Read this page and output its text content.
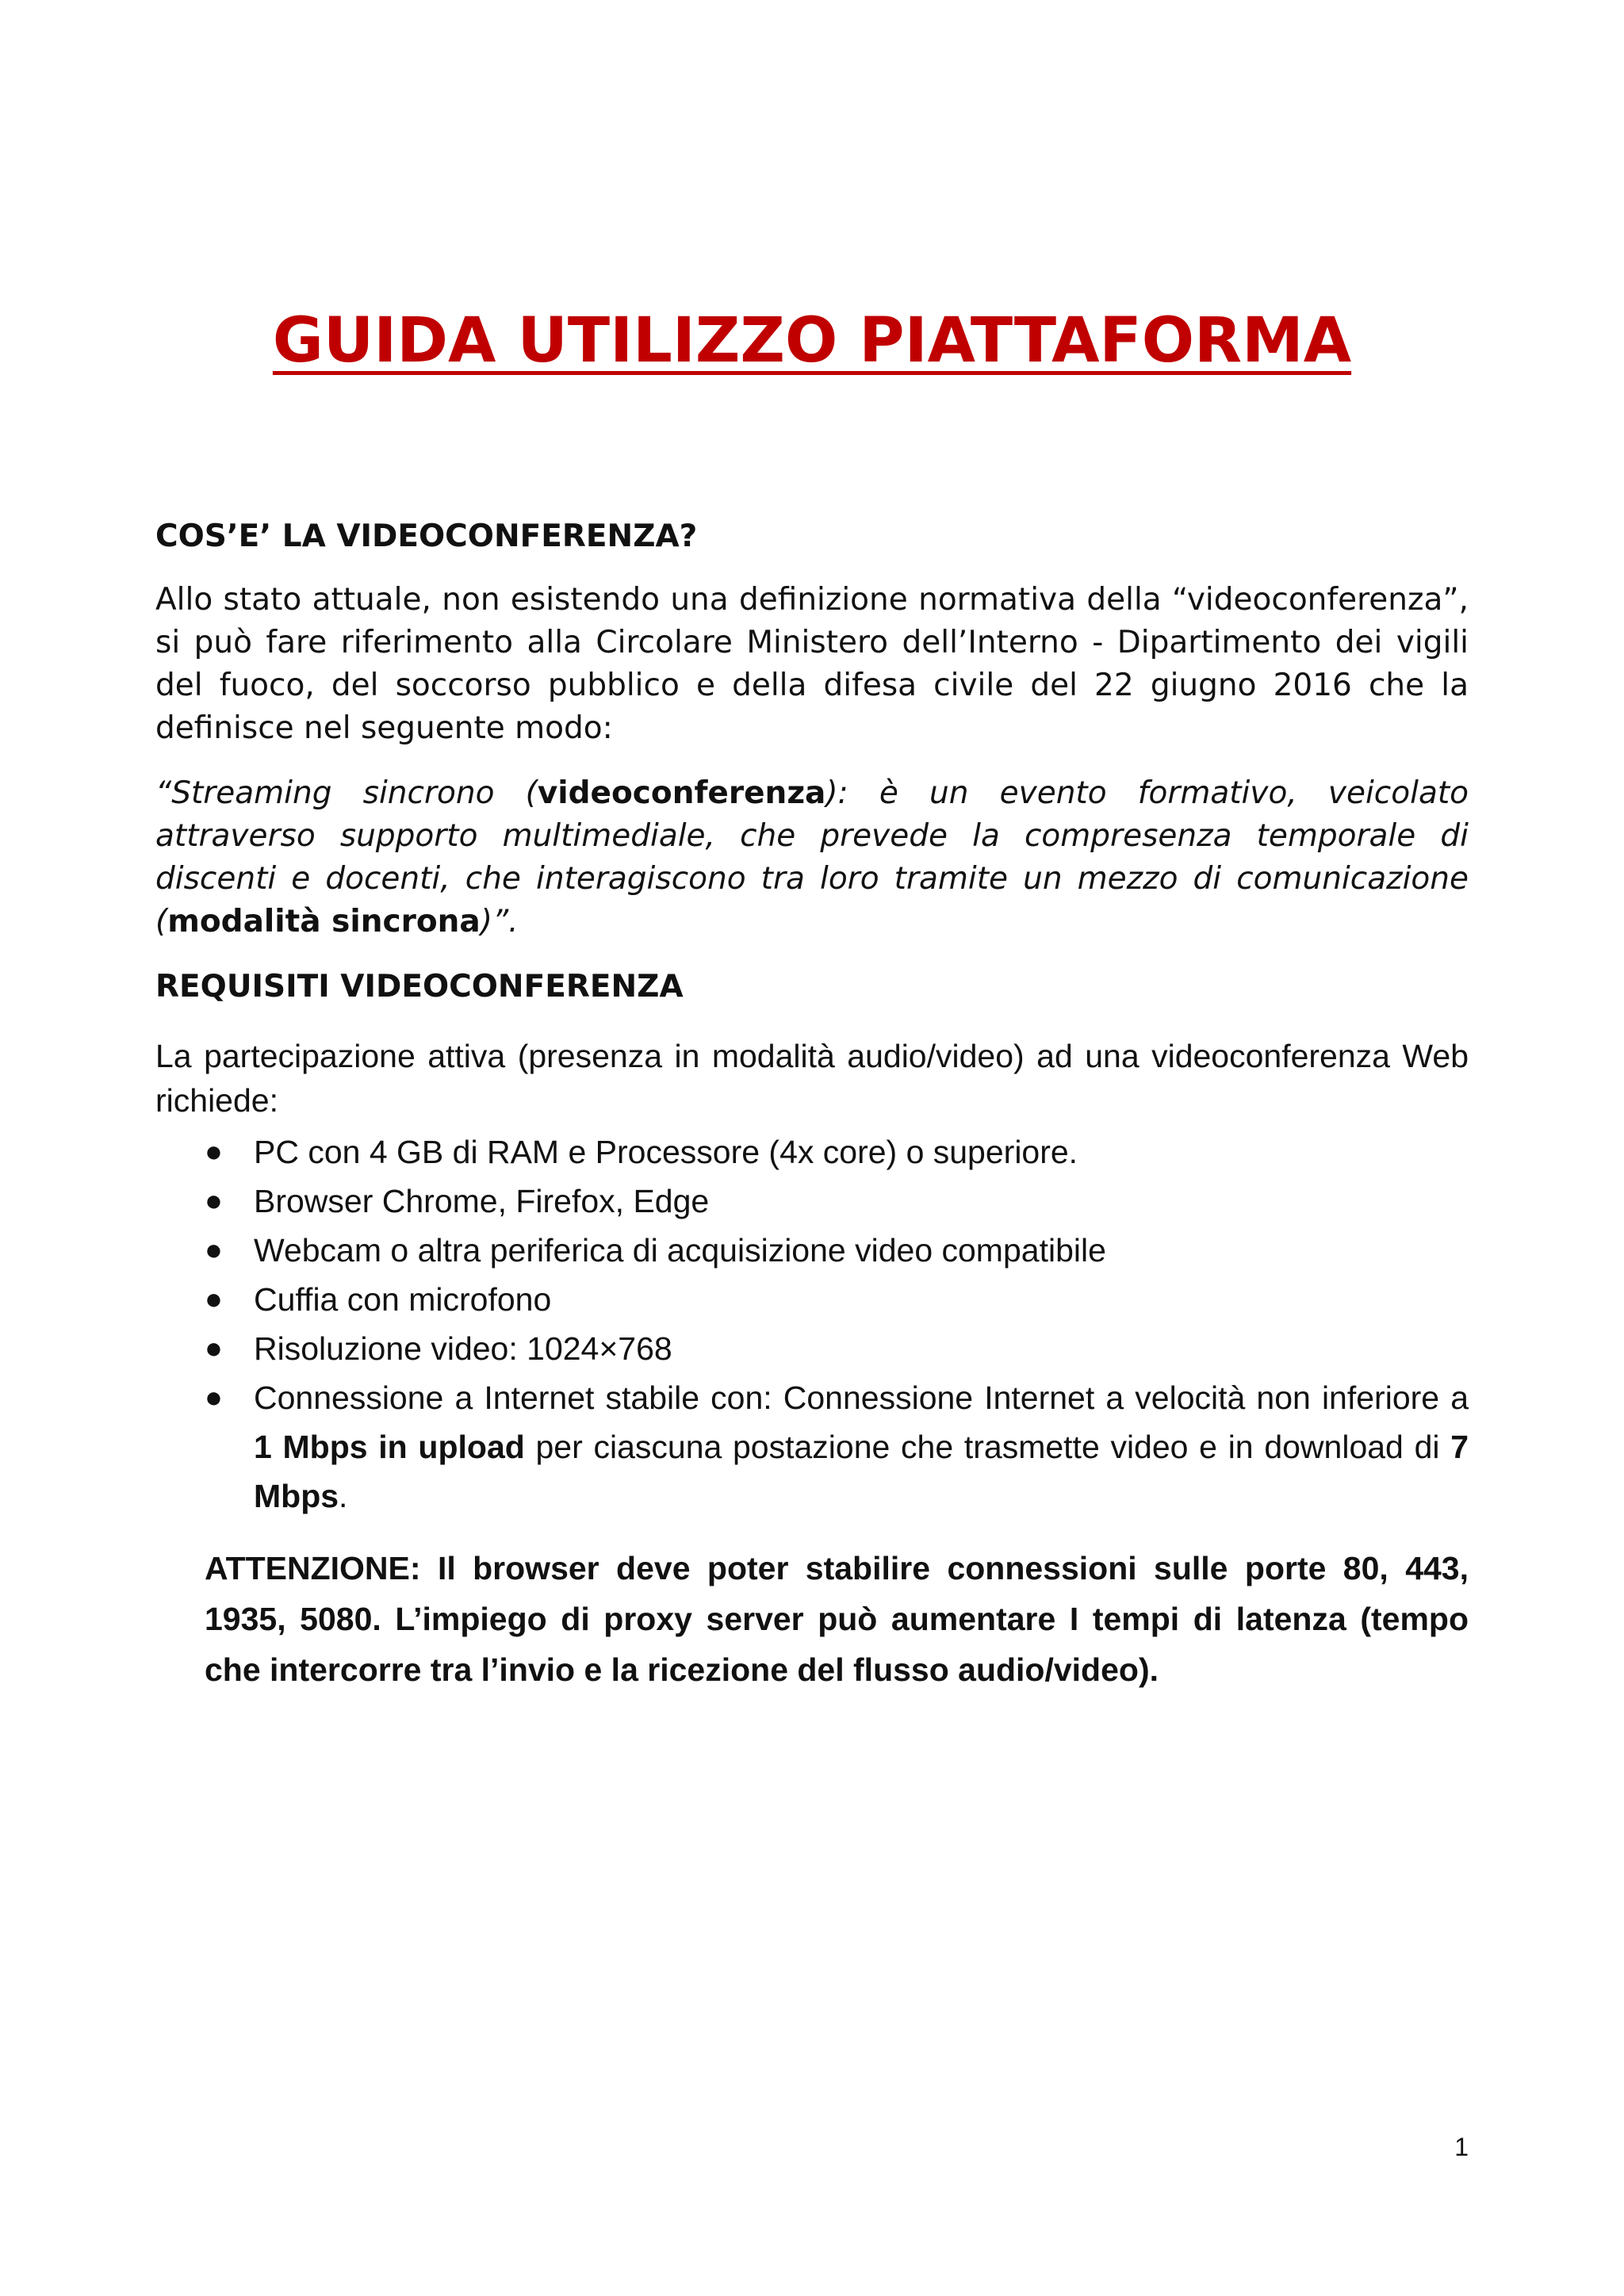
GUIDA UTILIZZO PIATTAFORMA
COS’E’ LA VIDEOCONFERENZA?

Allo stato attuale, non esistendo una definizione normativa della “videoconferenza”, si può fare riferimento alla Circolare Ministero dell’Interno - Dipartimento dei vigili del fuoco, del soccorso pubblico e della difesa civile del 22 giugno 2016 che la definisce nel seguente modo:

“Streaming sincrono (videoconferenza): è un evento formativo, veicolato attraverso supporto multimediale, che prevede la compresenza temporale di discenti e docenti, che interagiscono tra loro tramite un mezzo di comunicazione (modalità sincrona)”.

REQUISITI VIDEOCONFERENZA

La partecipazione attiva (presenza in modalità audio/video) ad una videoconferenza Web richiede:

● PC con 4 GB di RAM e Processore (4x core) o superiore.
● Browser Chrome, Firefox, Edge
● Webcam o altra periferica di acquisizione video compatibile
● Cuffia con microfono
● Risoluzione video: 1024×768
● Connessione a Internet stabile con: Connessione Internet a velocità non inferiore a 1 Mbps in upload per ciascuna postazione che trasmette video e in download di 7 Mbps.

ATTENZIONE: Il browser deve poter stabilire connessioni sulle porte 80, 443, 1935, 5080. L’impiego di proxy server può aumentare I tempi di latenza (tempo che intercorre tra l’invio e la ricezione del flusso audio/video).

1
